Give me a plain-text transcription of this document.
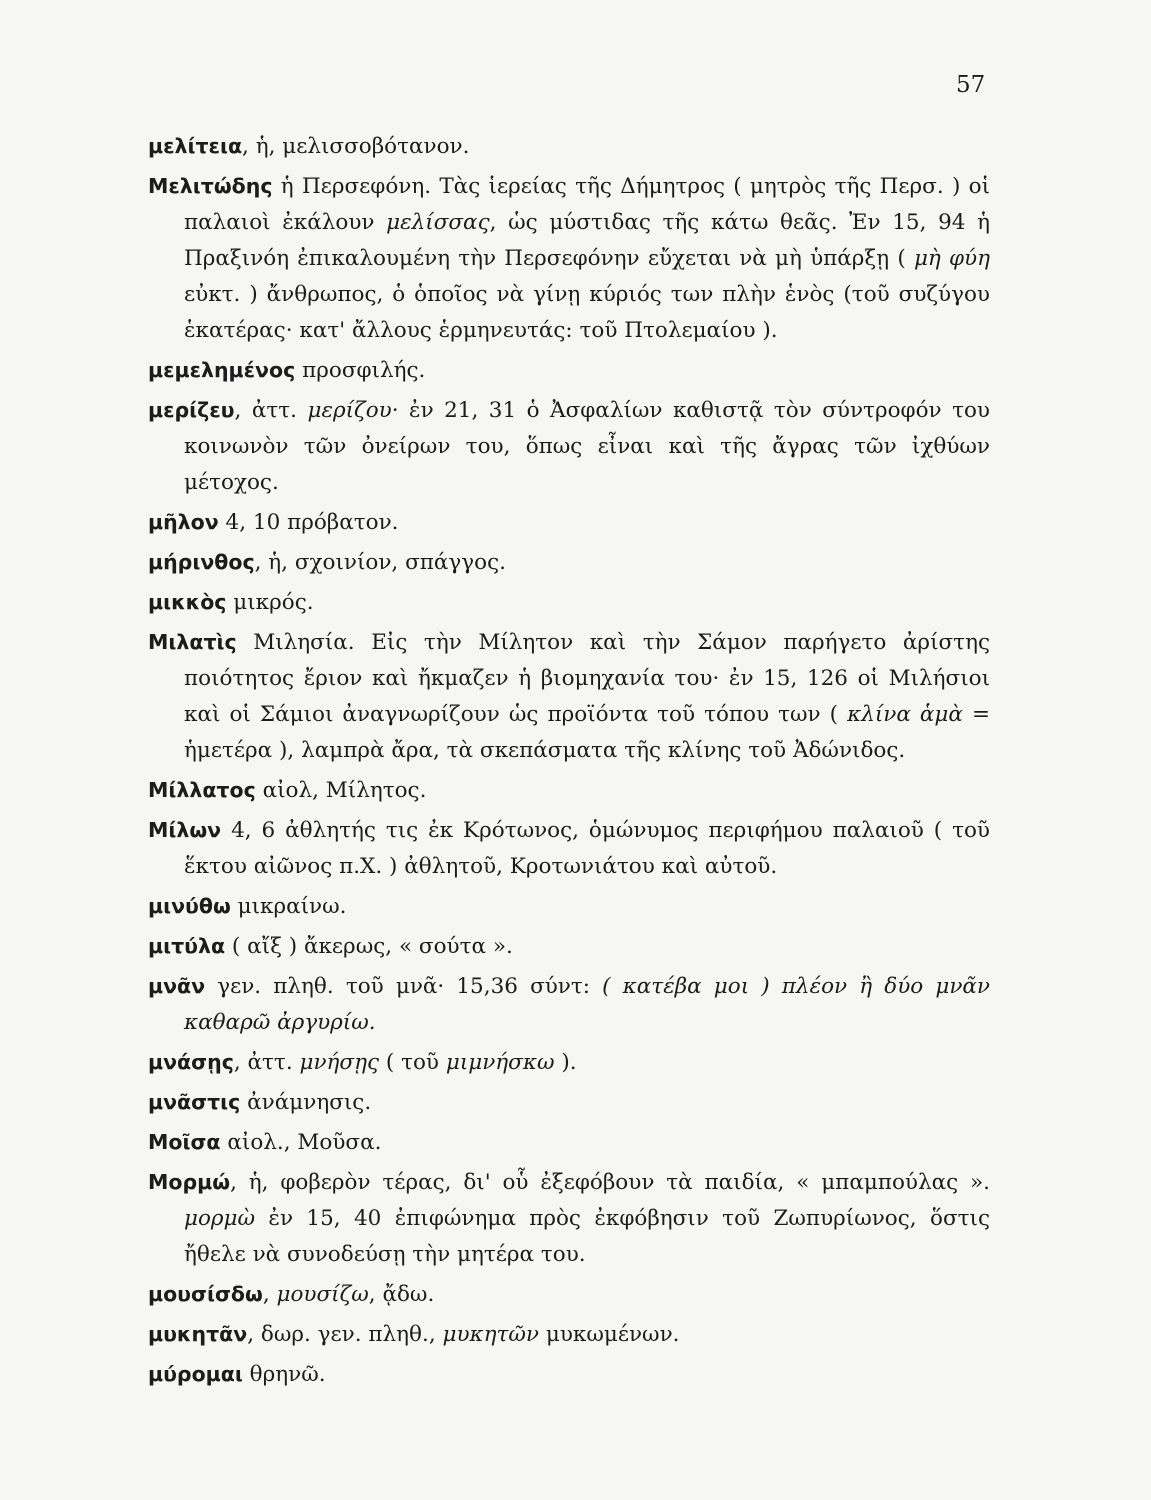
57

μελίτεια, ἡ, μελισσοβότανον.

Μελιτώδης ἡ Περσεφόνη. Τὰς ἱερείας τῆς Δήμητρος ( μητρὸς τῆς Περσ. ) οἱ παλαιοὶ ἐκάλουν μελίσσας, ὡς μύστιδας τῆς κάτω θεᾶς. Ἐν 15, 94 ἡ Πραξινόη ἐπικαλουμένη τὴν Περσεφόνην εὔχεται νὰ μὴ ὑπάρξῃ ( μὴ φύη εὐκτ. ) ἄνθρωπος, ὁ ὁποῖος νὰ γίνῃ κύριός των πλὴν ἑνὸς (τοῦ συζύγου ἑκατέρας· κατ' ἄλλους ἑρμηνευτάς: τοῦ Πτολεμαίου ).

μεμελημένος προσφιλής.

μερίζευ, ἀττ. μερίζου· ἐν 21, 31 ὁ Ἀσφαλίων καθιστᾷ τὸν σύντροφόν του κοινωνὸν τῶν ὀνείρων του, ὅπως εἶναι καὶ τῆς ἄγρας τῶν ἰχθύων μέτοχος.

μῆλον 4, 10 πρόβατον.

μήρινθος, ἡ, σχοινίον, σπάγγος.

μικκὸς μικρός.

Μιλατὶς Μιλησία. Εἰς τὴν Μίλητον καὶ τὴν Σάμον παρήγετο ἀρίστης ποιότητος ἔριον καὶ ἤκμαζεν ἡ βιομηχανία του· ἐν 15, 126 οἱ Μιλήσιοι καὶ οἱ Σάμιοι ἀναγνωρίζουν ὡς προϊόντα τοῦ τόπου των ( κλίνα ἁμὰ = ἡμετέρα ), λαμπρὰ ἄρα, τὰ σκεπάσματα τῆς κλίνης τοῦ Ἀδώνιδος.

Μίλλατος αἰολ, Μίλητος.

Μίλων 4, 6 ἀθλητής τις ἐκ Κρότωνος, ὁμώνυμος περιφήμου παλαιοῦ ( τοῦ ἕκτου αἰῶνος π.Χ. ) ἀθλητοῦ, Κροτωνιάτου καὶ αὐτοῦ.

μινύθω μικραίνω.

μιτύλα ( αἴξ ) ἄκερως, « σούτα ».

μνᾶν γεν. πληθ. τοῦ μνᾶ· 15,36 σύντ: ( κατέβα μοι ) πλέον ἢ δύο μνᾶν καθαρῶ ἀργυρίω.

μνάσῃς, ἀττ. μνήσῃς ( τοῦ μιμνήσκω ).

μνᾶστις ἀνάμνησις.

Μοῖσα αἰολ., Μοῦσα.

Μορμώ, ἡ, φοβερὸν τέρας, δι' οὗ ἐξεφόβουν τὰ παιδία, « μπαμπούλας ». μορμὼ ἐν 15, 40 ἐπιφώνημα πρὸς ἐκφόβησιν τοῦ Ζωπυρίωνος, ὅστις ἤθελε νὰ συνοδεύσῃ τὴν μητέρα του.

μουσίσδω, μουσίζω, ᾄδω.

μυκητᾶν, δωρ. γεν. πληθ., μυκητῶν μυκωμένων.

μύρομαι θρηνῶ.
